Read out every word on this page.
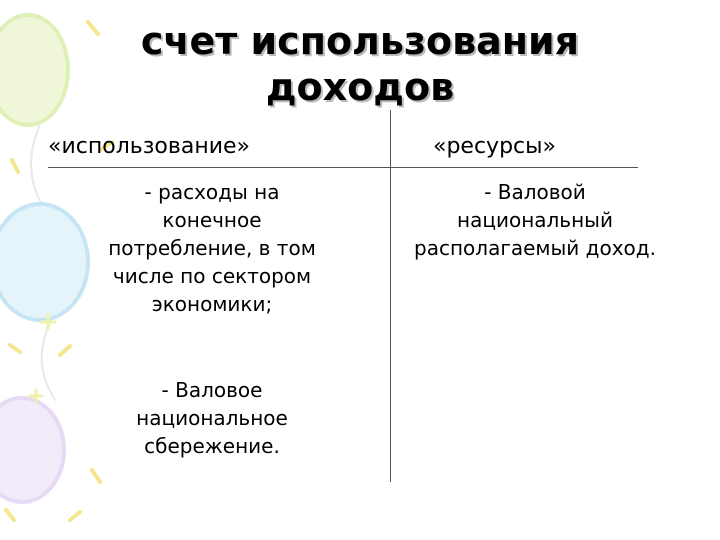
счет использования
доходов
«использование»	«ресурсы»
- расходы на конечное потребление, в том числе по сектором экономики;
- Валовое национальное сбережение.
- Валовой национальный располагаемый доход.
